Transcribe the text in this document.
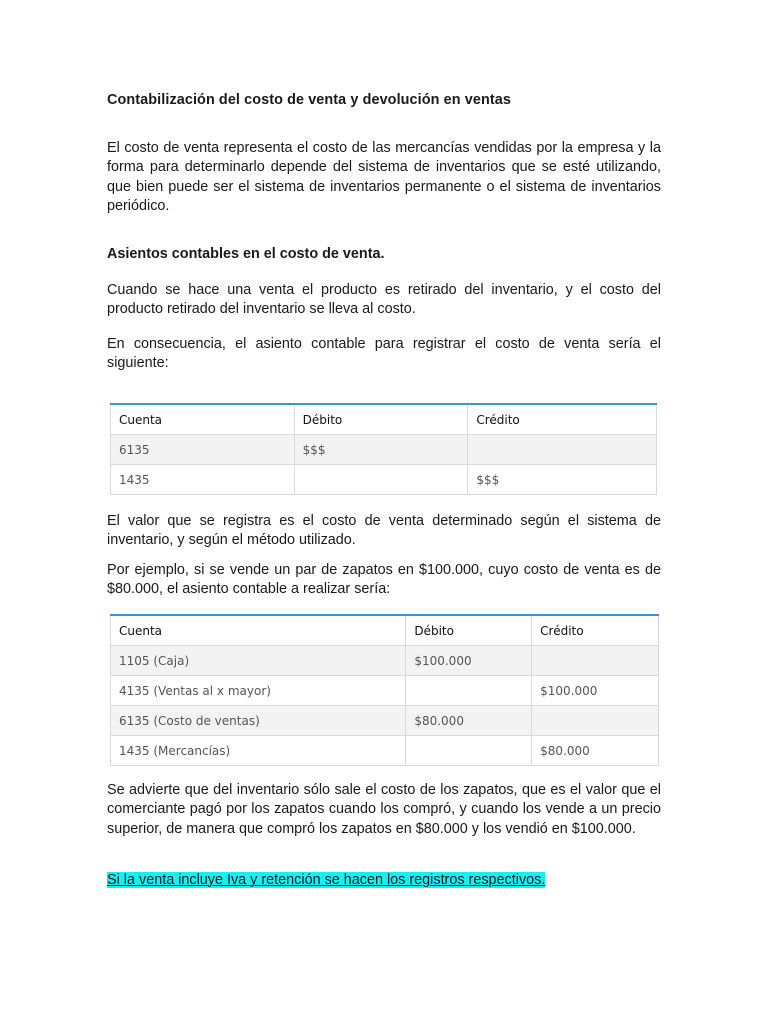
Contabilización del costo de venta y devolución en ventas

El costo de venta representa el costo de las mercancías vendidas por la empresa y la forma para determinarlo depende del sistema de inventarios que se esté utilizando, que bien puede ser el sistema de inventarios permanente o el sistema de inventarios periódico.

Asientos contables en el costo de venta.

Cuando se hace una venta el producto es retirado del inventario, y el costo del producto retirado del inventario se lleva al costo.

En consecuencia, el asiento contable para registrar el costo de venta sería el siguiente:

El valor que se registra es el costo de venta determinado según el sistema de inventario, y según el método utilizado.

Por ejemplo, si se vende un par de zapatos en $100.000, cuyo costo de venta es de $80.000, el asiento contable a realizar sería:

Se advierte que del inventario sólo sale el costo de los zapatos, que es el valor que el comerciante pagó por los zapatos cuando los compró, y cuando los vende a un precio superior, de manera que compró los zapatos en $80.000 y los vendió en $100.000.

Si la venta incluye Iva y retención se hacen los registros respectivos.

Cuenta	Débito	Crédito
6135	$$$	
1435		$$$
Cuenta	Débito	Crédito
1105 (Caja)	$100.000	
4135 (Ventas al x mayor)		$100.000
6135 (Costo de ventas)	$80.000	
1435 (Mercancías)		$80.000
